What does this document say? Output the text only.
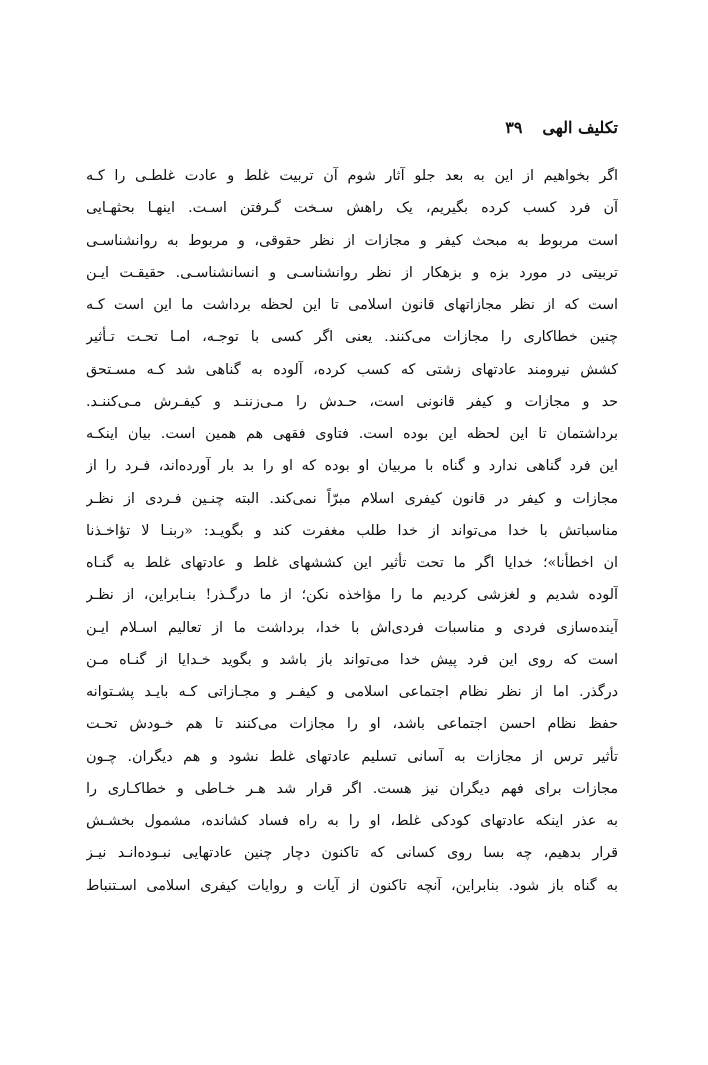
تکلیف الهی
۳۹
اگر بخواهیم از این به بعد جلو آثار شوم آن تربیت غلط و عادت غلطـی را کـه
آن فرد کسب کرده بگیریم، یک راهش سـخت گـرفتن اسـت. اینهـا بحثهـایی
است مربوط به مبحث کیفر و مجازات از نظر حقوقی، و مربوط به روانشناسـی
تربیتی در مورد بزه و بزهکار از نظر روانشناسـی و انسانشناسـی. حقیقـت ایـن
است که از نظر مجازاتهای قانون اسلامی تا این لحظه برداشت ما این است کـه
چنین خطاکاری را مجازات می‌کنند. یعنی اگر کسی با توجـه، امـا تحـت تـأثیر
کشش نیرومند عادتهای زشتی که کسب کرده، آلوده به گناهی شد کـه مسـتحق
حد و مجازات و کیفر قانونی است، حـدش را مـی‌زننـد و کیفـرش مـی‌کننـد.
برداشتمان تا این لحظه این بوده است. فتاوی فقهی هم همین است. بیان اینکـه
این فرد گناهی ندارد و گناه با مربیان او بوده که او را بد بار آورده‌اند، فـرد را از
مجازات و کیفر در قانون کیفری اسلام مبرّاً نمی‌کند. البته چنـین فـردی از نظـر
مناسباتش با خدا می‌تواند از خدا طلب مغفرت کند و بگویـد: «ربنـا لا تؤاخـذنا
ان اخطأنا»؛ خدایا اگر ما تحت تأثیر این کششهای غلط و عادتهای غلط به گنـاه
آلوده شدیم و لغزشی کردیم ما را مؤاخذه نکن؛ از ما درگـذر! بنـابراین، از نظـر
آینده‌سازی فردی و مناسبات فردی‌اش با خدا، برداشت ما از تعالیم اسـلام ایـن
است که روی این فرد پیش خدا می‌تواند باز باشد و بگوید خـدایا از گنـاه مـن
درگذر. اما از نظر نظام اجتماعی اسلامی و کیفـر و مجـازاتی کـه بایـد پشـتوانه
حفظ نظام احسن اجتماعی باشد، او را مجازات می‌کنند تا هم خـودش تحـت
تأثیر ترس از مجازات به آسانی تسلیم عادتهای غلط نشود و هم دیگران. چـون
مجازات برای فهم دیگران نیز هست. اگر قرار شد هـر خـاطی و خطاکـاری را
به عذر اینکه عادتهای کودکی غلط، او را به راه فساد کشانده، مشمول بخشـش
قرار بدهیم، چه بسا روی کسانی که تاکنون دچار چنین عادتهایی نبـوده‌انـد نیـز
به گناه باز شود. بنابراین، آنچه تاکنون از آیات و روایات کیفری اسلامی اسـتنباط
